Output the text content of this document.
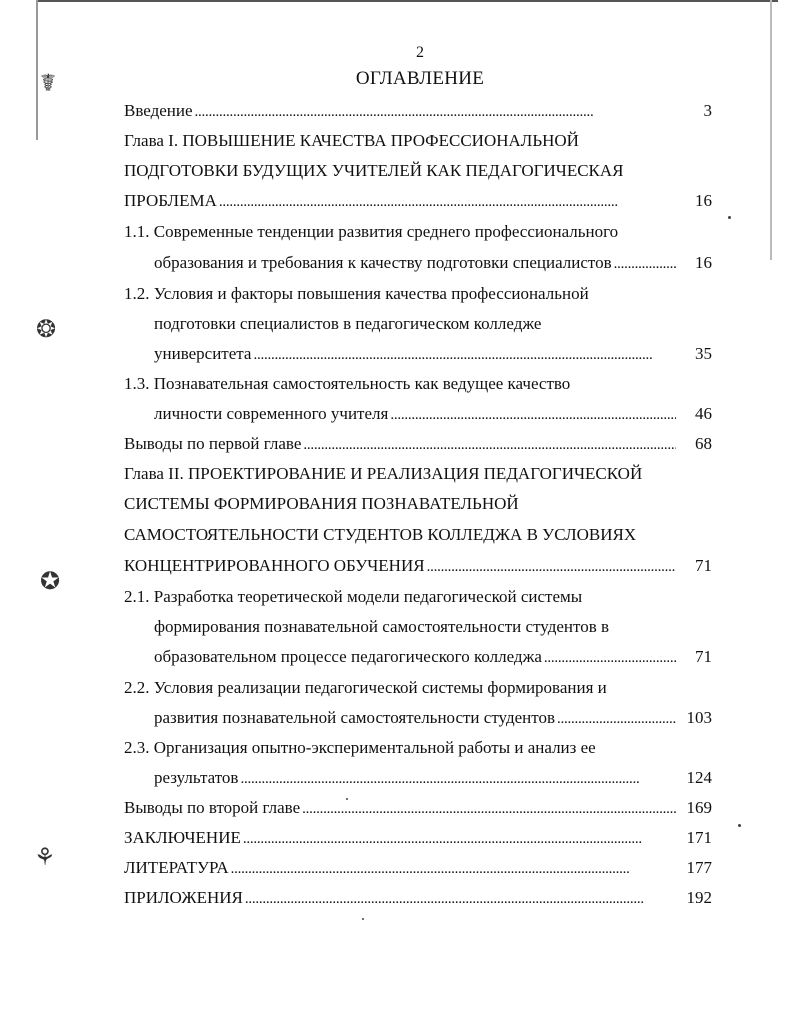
☤
❂
✪
⚘
2
ОГЛАВЛЕНИЕ
Введение . . .	3
Глава I. ПОВЫШЕНИЕ КАЧЕСТВА ПРОФЕССИОНАЛЬНОЙ
ПОДГОТОВКИ БУДУЩИХ УЧИТЕЛЕЙ КАК ПЕДАГОГИЧЕСКАЯ
ПРОБЛЕМА . . .	16
1.1. Современные тенденции развития среднего профессионального
образования и требования к качеству подготовки специалистов . . .	16
1.2. Условия и факторы повышения качества профессиональной
подготовки специалистов в педагогическом колледже
университета . . .	35
1.3. Познавательная самостоятельность как ведущее качество
личности современного учителя . . .	46
Выводы по первой главе . . .	68
Глава II. ПРОЕКТИРОВАНИЕ И РЕАЛИЗАЦИЯ ПЕДАГОГИЧЕСКОЙ
СИСТЕМЫ ФОРМИРОВАНИЯ ПОЗНАВАТЕЛЬНОЙ
САМОСТОЯТЕЛЬНОСТИ СТУДЕНТОВ КОЛЛЕДЖА В УСЛОВИЯХ
КОНЦЕНТРИРОВАННОГО ОБУЧЕНИЯ . . .	71
2.1. Разработка теоретической модели педагогической системы
формирования познавательной самостоятельности студентов в
образовательном процессе педагогического колледжа . . .	71
2.2. Условия реализации педагогической системы формирования и
развития познавательной самостоятельности студентов . . .	103
2.3. Организация опытно-экспериментальной работы и анализ ее
результатов . . .	124
Выводы по второй главе . . .	169
ЗАКЛЮЧЕНИЕ . . .	171
ЛИТЕРАТУРА . . .	177
ПРИЛОЖЕНИЯ . . .	192
